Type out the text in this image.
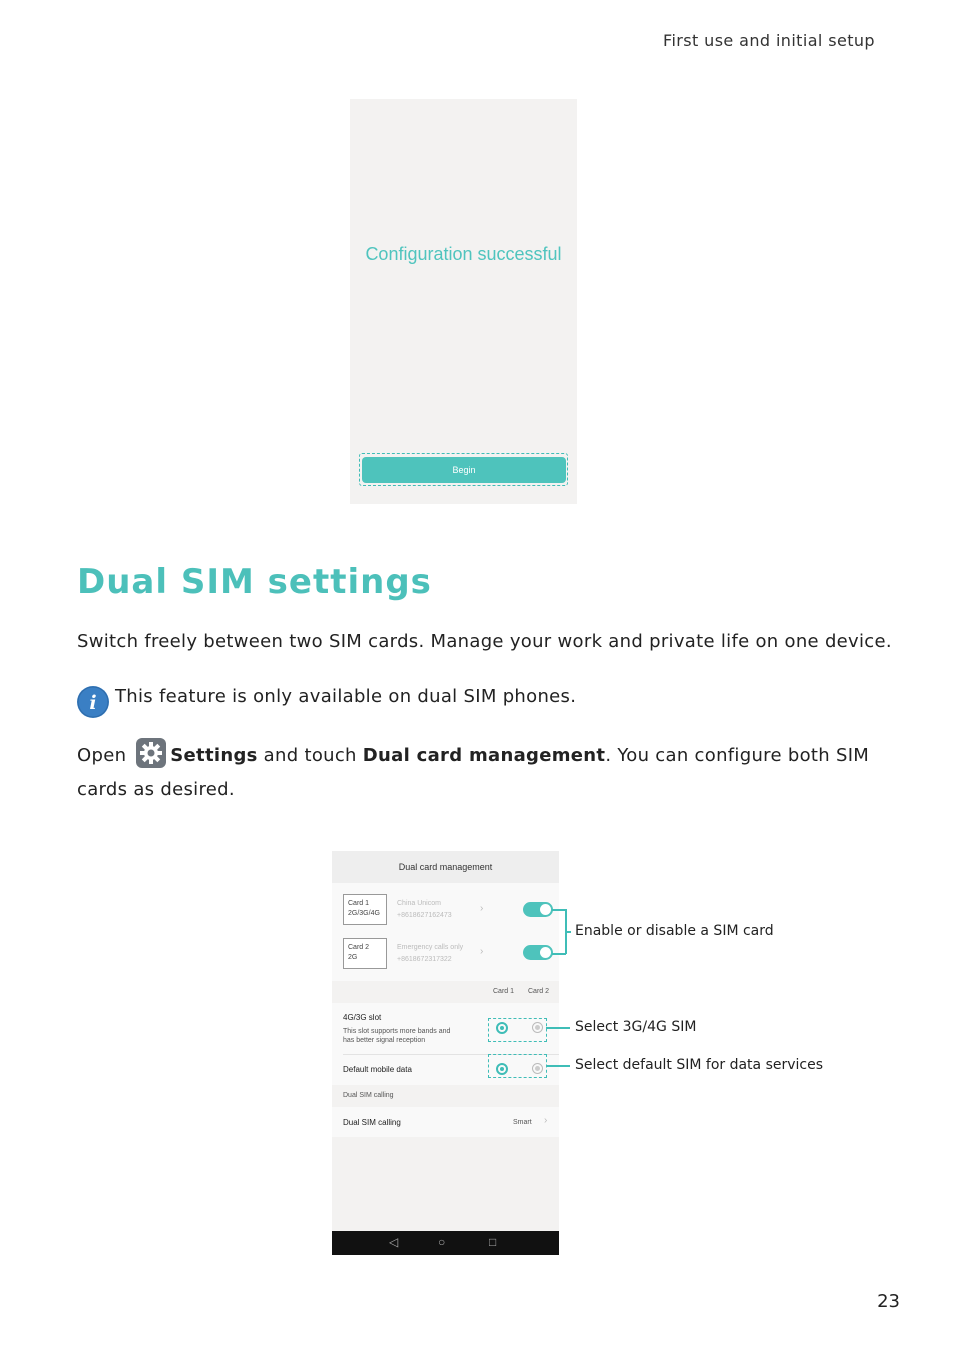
First use and initial setup
Configuration successful
Begin
Dual SIM settings
Switch freely between two SIM cards. Manage your work and private life on one device.
i This feature is only available on dual SIM phones.
Open Settings and touch Dual card management. You can configure both SIM cards as desired.
Dual card management
Card 1
2G/3G/4G
China Unicom
+8618627162473
›
Card 2
2G
Emergency calls only
+8618672317322
›
Card 1 Card 2
4G/3G slot
This slot supports more bands and
has better signal reception
Default mobile data
Dual SIM calling
Dual SIM calling	Smart ›
◁	○	□
Enable or disable a SIM card
Select 3G/4G SIM
Select default SIM for data services
23
